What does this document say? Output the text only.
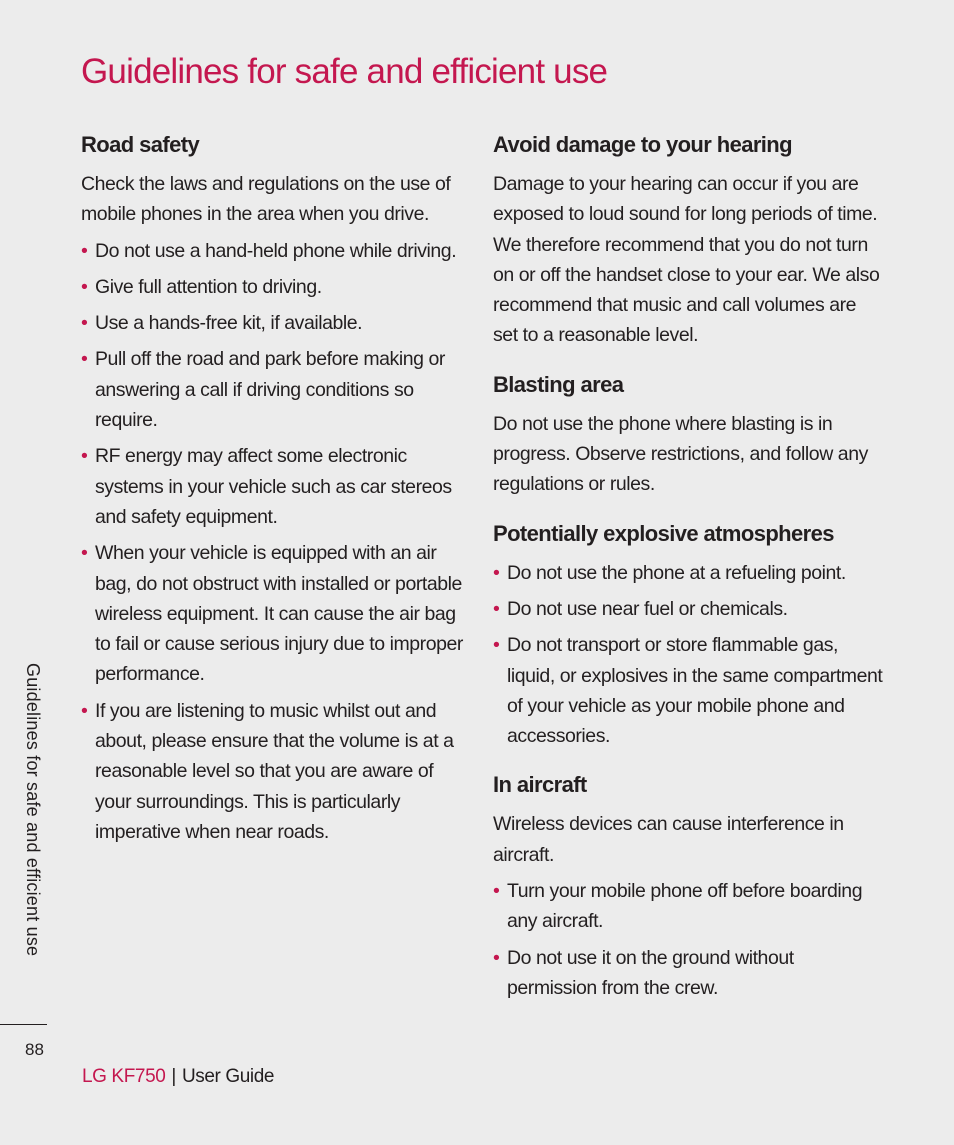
Guidelines for safe and efficient use
Road safety

Check the laws and regulations on the use of mobile phones in the area when you drive.

• Do not use a hand-held phone while driving.
• Give full attention to driving.
• Use a hands-free kit, if available.
• Pull off the road and park before making or answering a call if driving conditions so require.
• RF energy may affect some electronic systems in your vehicle such as car stereos and safety equipment.
• When your vehicle is equipped with an air bag, do not obstruct with installed or portable wireless equipment. It can cause the air bag to fail or cause serious injury due to improper performance.
• If you are listening to music whilst out and about, please ensure that the volume is at a reasonable level so that you are aware of your surroundings. This is particularly imperative when near roads.
Avoid damage to your hearing

Damage to your hearing can occur if you are exposed to loud sound for long periods of time. We therefore recommend that you do not turn on or off the handset close to your ear. We also recommend that music and call volumes are set to a reasonable level.

Blasting area

Do not use the phone where blasting is in progress. Observe restrictions, and follow any regulations or rules.

Potentially explosive atmospheres
• Do not use the phone at a refueling point.
• Do not use near fuel or chemicals.
• Do not transport or store flammable gas, liquid, or explosives in the same compartment of your vehicle as your mobile phone and accessories.
In aircraft

Wireless devices can cause interference in aircraft.

• Turn your mobile phone off before boarding any aircraft.
• Do not use it on the ground without permission from the crew.
Guidelines for safe and efficient use
88
LG KF750 | User Guide
